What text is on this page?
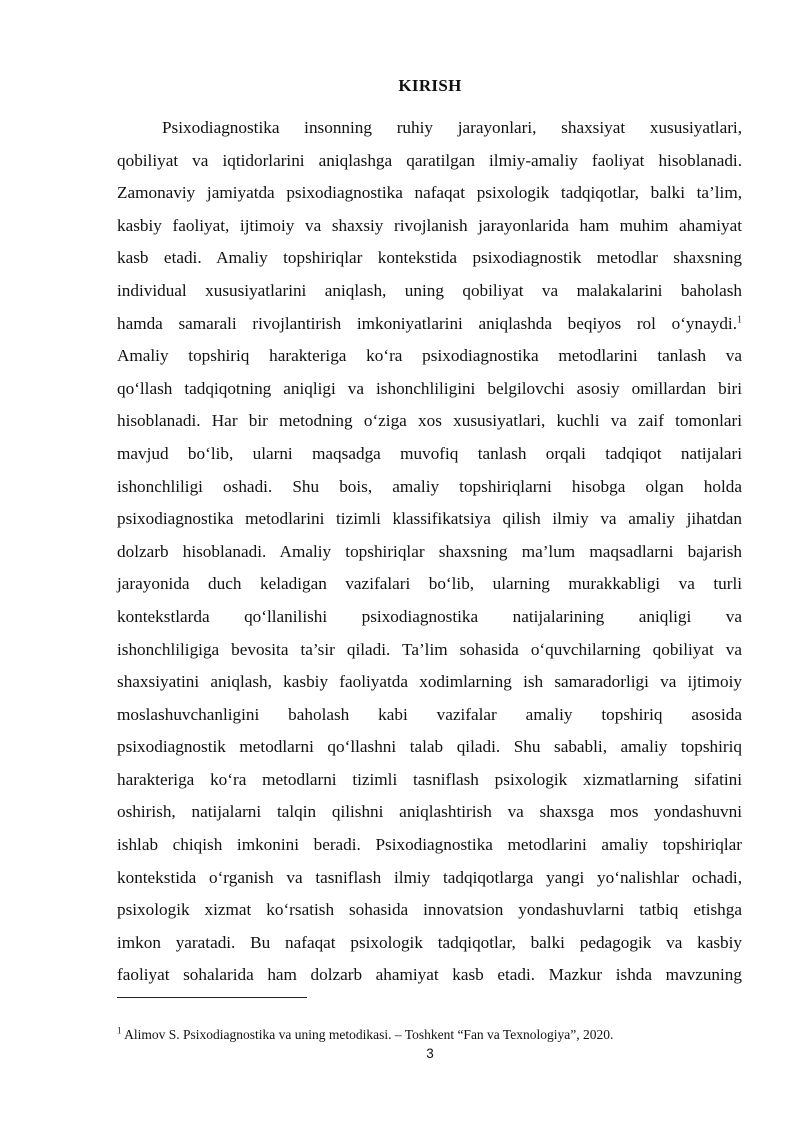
KIRISH
Psixodiagnostika insonning ruhiy jarayonlari, shaxsiyat xususiyatlari,
qobiliyat va iqtidorlarini aniqlashga qaratilgan ilmiy-amaliy faoliyat hisoblanadi.
Zamonaviy jamiyatda psixodiagnostika nafaqat psixologik tadqiqotlar, balki ta’lim,
kasbiy faoliyat, ijtimoiy va shaxsiy rivojlanish jarayonlarida ham muhim ahamiyat
kasb etadi. Amaliy topshiriqlar kontekstida psixodiagnostik metodlar shaxsning
individual xususiyatlarini aniqlash, uning qobiliyat va malakalarini baholash
hamda samarali rivojlantirish imkoniyatlarini aniqlashda beqiyos rol o‘ynaydi.$^1$
Amaliy topshiriq harakteriga ko‘ra psixodiagnostika metodlarini tanlash va
qo‘llash tadqiqotning aniqligi va ishonchliligini belgilovchi asosiy omillardan biri
hisoblanadi. Har bir metodning o‘ziga xos xususiyatlari, kuchli va zaif tomonlari
mavjud bo‘lib, ularni maqsadga muvofiq tanlash orqali tadqiqot natijalari
ishonchliligi oshadi. Shu bois, amaliy topshiriqlarni hisobga olgan holda
psixodiagnostika metodlarini tizimli klassifikatsiya qilish ilmiy va amaliy jihatdan
dolzarb hisoblanadi. Amaliy topshiriqlar shaxsning ma’lum maqsadlarni bajarish
jarayonida duch keladigan vazifalari bo‘lib, ularning murakkabligi va turli
kontekstlarda qo‘llanilishi psixodiagnostika natijalarining aniqligi va
ishonchliligiga bevosita ta’sir qiladi. Ta’lim sohasida o‘quvchilarning qobiliyat va
shaxsiyatini aniqlash, kasbiy faoliyatda xodimlarning ish samaradorligi va ijtimoiy
moslashuvchanligini baholash kabi vazifalar amaliy topshiriq asosida
psixodiagnostik metodlarni qo‘llashni talab qiladi. Shu sababli, amaliy topshiriq
harakteriga ko‘ra metodlarni tizimli tasniflash psixologik xizmatlarning sifatini
oshirish, natijalarni talqin qilishni aniqlashtirish va shaxsga mos yondashuvni
ishlab chiqish imkonini beradi. Psixodiagnostika metodlarini amaliy topshiriqlar
kontekstida o‘rganish va tasniflash ilmiy tadqiqotlarga yangi yo‘nalishlar ochadi,
psixologik xizmat ko‘rsatish sohasida innovatsion yondashuvlarni tatbiq etishga
imkon yaratadi. Bu nafaqat psixologik tadqiqotlar, balki pedagogik va kasbiy
faoliyat sohalarida ham dolzarb ahamiyat kasb etadi. Mazkur ishda mavzuning
$^1$ Alimov S. Psixodiagnostika va uning metodikasi. – Toshkent “Fan va Texnologiya”, 2020.
3
